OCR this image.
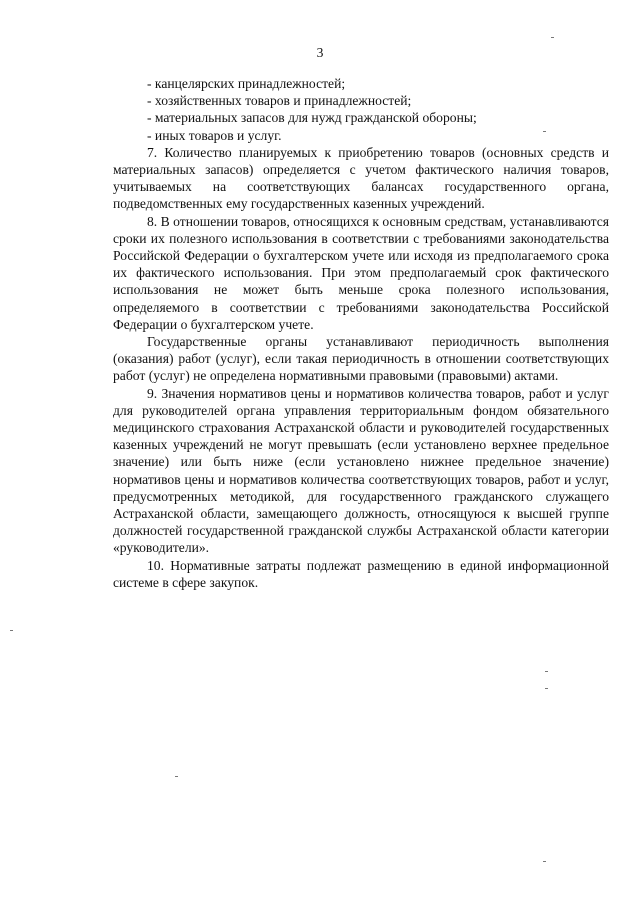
3
- канцелярских принадлежностей;
- хозяйственных товаров и принадлежностей;
- материальных запасов для нужд гражданской обороны;
- иных товаров и услуг.

7. Количество планируемых к приобретению товаров (основных средств и материальных запасов) определяется с учетом фактического наличия товаров, учитываемых на соответствующих балансах государственного органа, подведомственных ему государственных казенных учреждений.

8. В отношении товаров, относящихся к основным средствам, устанавливаются сроки их полезного использования в соответствии с требованиями законодательства Российской Федерации о бухгалтерском учете или исходя из предполагаемого срока их фактического использования. При этом предполагаемый срок фактического использования не может быть меньше срока полезного использования, определяемого в соответствии с требованиями законодательства Российской Федерации о бухгалтерском учете.

Государственные органы устанавливают периодичность выполнения (оказания) работ (услуг), если такая периодичность в отношении соответствующих работ (услуг) не определена нормативными правовыми (правовыми) актами.

9. Значения нормативов цены и нормативов количества товаров, работ и услуг для руководителей органа управления территориальным фондом обязательного медицинского страхования Астраханской области и руководителей государственных казенных учреждений не могут превышать (если установлено верхнее предельное значение) или быть ниже (если установлено нижнее предельное значение) нормативов цены и нормативов количества соответствующих товаров, работ и услуг, предусмотренных методикой, для государственного гражданского служащего Астраханской области, замещающего должность, относящуюся к высшей группе должностей государственной гражданской службы Астраханской области категории «руководители».

10. Нормативные затраты подлежат размещению в единой информационной системе в сфере закупок.
